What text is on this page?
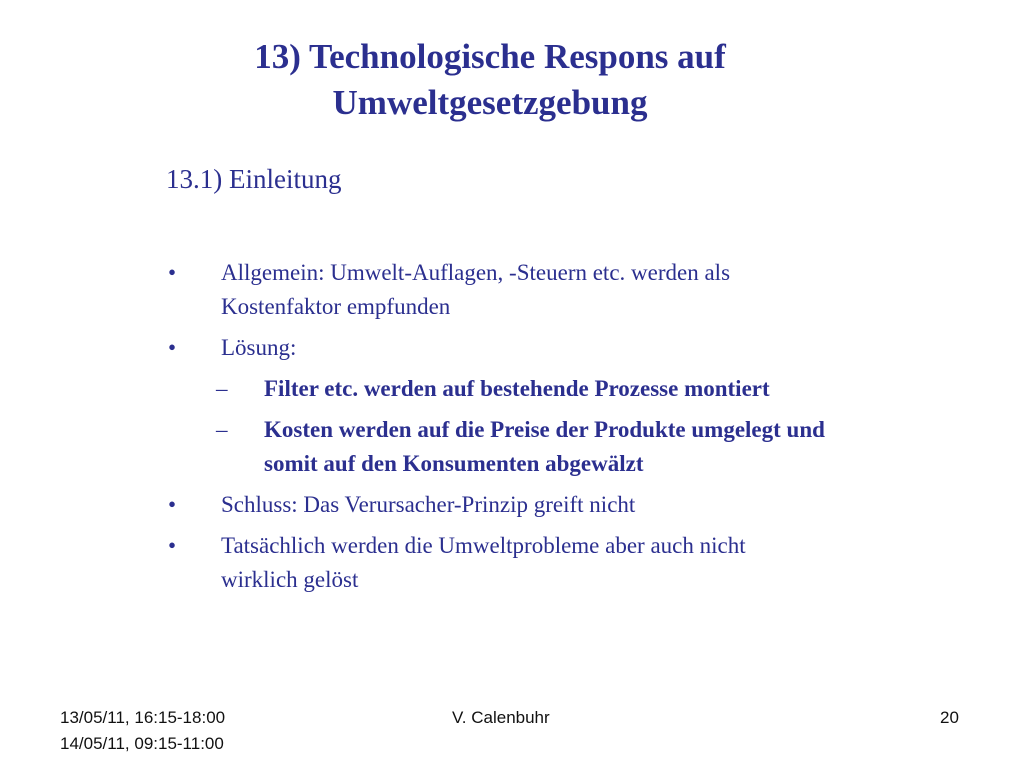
13) Technologische Respons auf
Umweltgesetzgebung
13.1) Einleitung
• Allgemein: Umwelt-Auflagen, -Steuern etc. werden als
Kostenfaktor empfunden
• Lösung:
– Filter etc. werden auf bestehende Prozesse montiert
– Kosten werden auf die Preise der Produkte umgelegt und
somit auf den Konsumenten abgewälzt
• Schluss: Das Verursacher-Prinzip greift nicht
• Tatsächlich werden die Umweltprobleme aber auch nicht
wirklich gelöst
13/05/11, 16:15-18:00
14/05/11, 09:15-11:00
V. Calenbuhr	20
